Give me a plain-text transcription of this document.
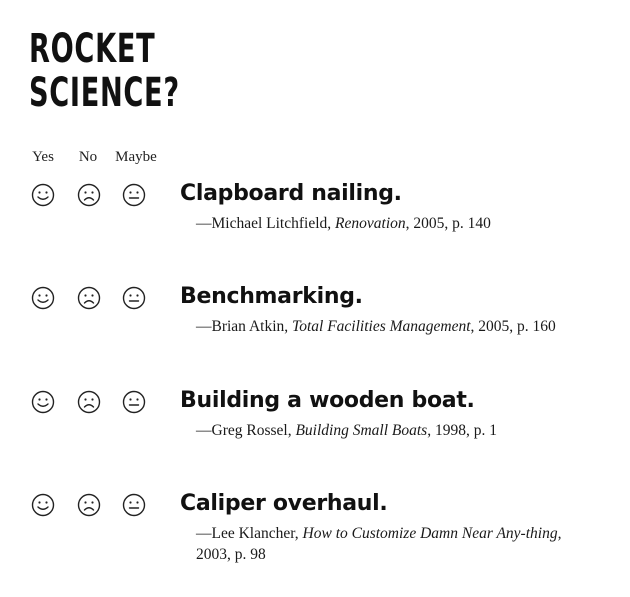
ROCKET
SCIENCE?
Yes No Maybe
Clapboard nailing.

—Michael Litchfield, Renovation, 2005, p. 140

Benchmarking.

—Brian Atkin, Total Facilities Management, 2005, p. 160

Building a wooden boat.

—Greg Rossel, Building Small Boats, 1998, p. 1

Caliper overhaul.

—Lee Klancher, How to Customize Damn Near Any-thing, 2003, p. 98
